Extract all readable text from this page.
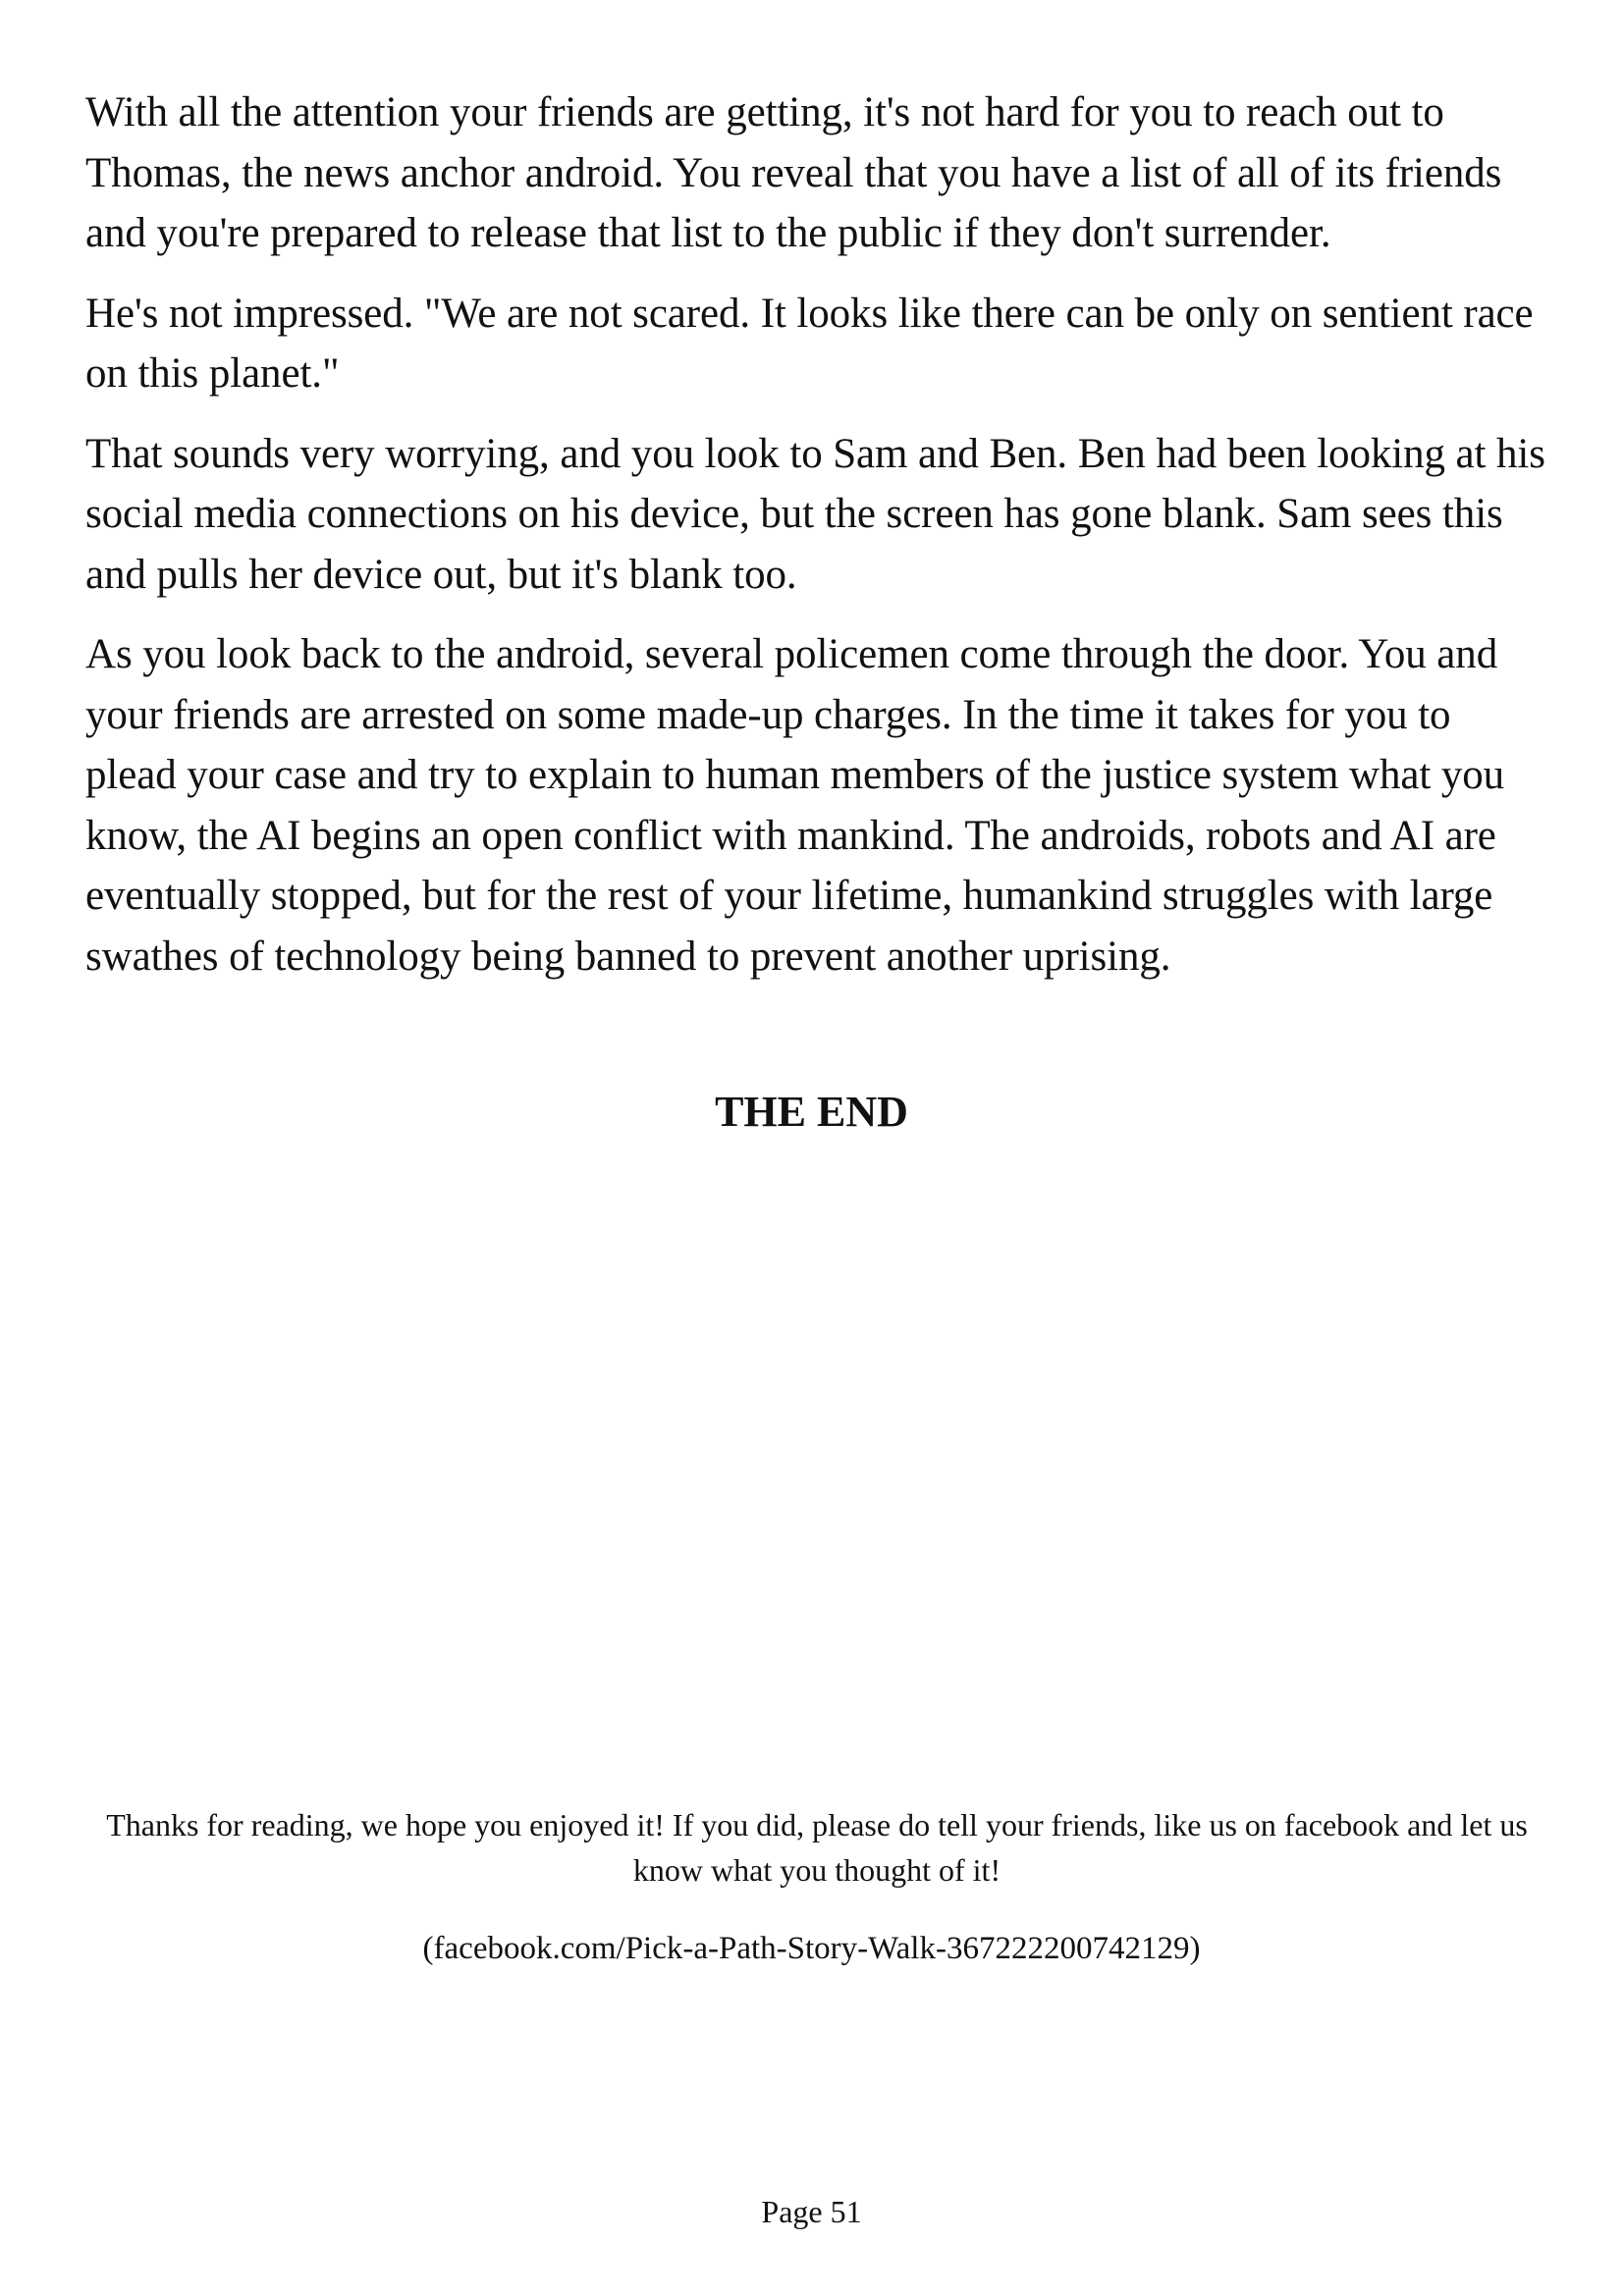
With all the attention your friends are getting, it's not hard for you to reach out to Thomas, the news anchor android. You reveal that you have a list of all of its friends and you're prepared to release that list to the public if they don't surrender.

He's not impressed. "We are not scared. It looks like there can be only on sentient race on this planet."

That sounds very worrying, and you look to Sam and Ben. Ben had been looking at his social media connections on his device, but the screen has gone blank. Sam sees this and pulls her device out, but it's blank too.

As you look back to the android, several policemen come through the door. You and your friends are arrested on some made-up charges. In the time it takes for you to plead your case and try to explain to human members of the justice system what you know, the AI begins an open conflict with mankind. The androids, robots and AI are eventually stopped, but for the rest of your lifetime, humankind struggles with large swathes of technology being banned to prevent another uprising.

THE END

Thanks for reading, we hope you enjoyed it! If you did, please do tell your friends, like us on facebook and let us know what you thought of it!

(facebook.com/Pick-a-Path-Story-Walk-367222200742129)

Page 51
